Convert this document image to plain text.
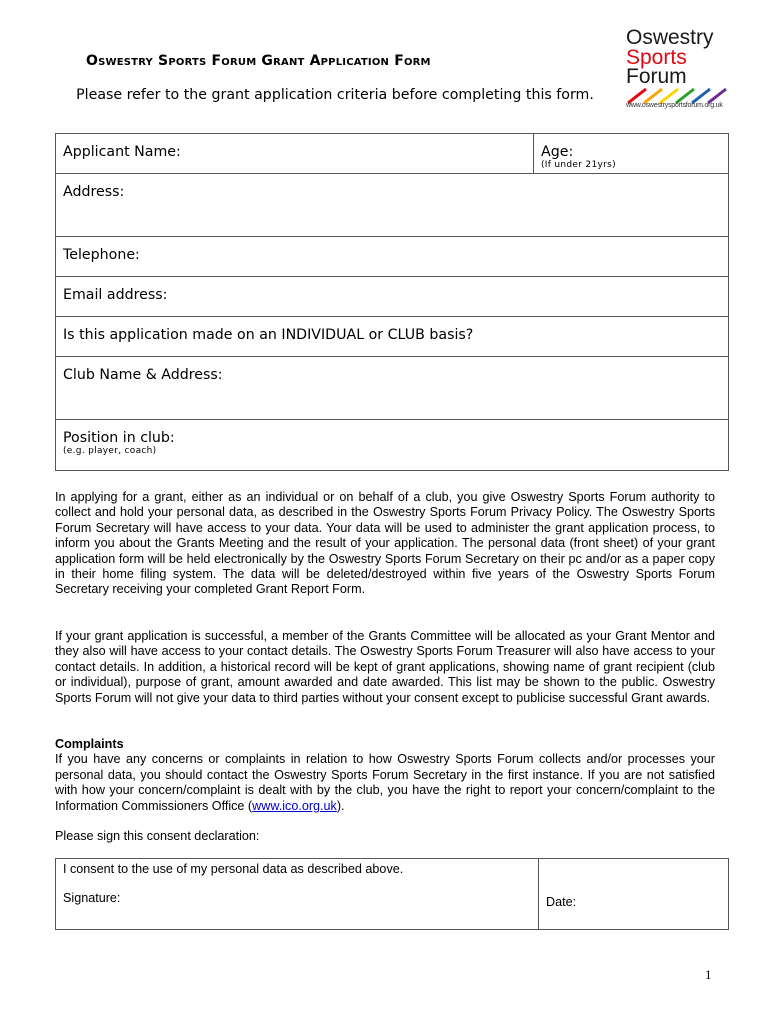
Oswestry Sports Forum Grant Application Form
Please refer to the grant application criteria before completing this form.
Oswestry
Sports
Forum
www.oswestrysportsforum.org.uk
Applicant Name:	Age:
(If under 21yrs)

Address:
Telephone:
Email address:
Is this application made on an INDIVIDUAL or CLUB basis?
Club Name & Address:

Position in club:
(e.g. player, coach)
In applying for a grant, either as an individual or on behalf of a club, you give Oswestry Sports Forum authority to collect and hold your personal data, as described in the Oswestry Sports Forum Privacy Policy. The Oswestry Sports Forum Secretary will have access to your data. Your data will be used to administer the grant application process, to inform you about the Grants Meeting and the result of your application. The personal data (front sheet) of your grant application form will be held electronically by the Oswestry Sports Forum Secretary on their pc and/or as a paper copy in their home filing system. The data will be deleted/destroyed within five years of the Oswestry Sports Forum Secretary receiving your completed Grant Report Form.
If your grant application is successful, a member of the Grants Committee will be allocated as your Grant Mentor and they also will have access to your contact details. The Oswestry Sports Forum Treasurer will also have access to your contact details. In addition, a historical record will be kept of grant applications, showing name of grant recipient (club or individual), purpose of grant, amount awarded and date awarded. This list may be shown to the public. Oswestry Sports Forum will not give your data to third parties without your consent except to publicise successful Grant awards.
Complaints
If you have any concerns or complaints in relation to how Oswestry Sports Forum collects and/or processes your personal data, you should contact the Oswestry Sports Forum Secretary in the first instance. If you are not satisfied with how your concern/complaint is dealt with by the club, you have the right to report your concern/complaint to the Information Commissioners Office (www.ico.org.uk).
Please sign this consent declaration:
I consent to the use of my personal data as described above.
Signature:	Date:
1
